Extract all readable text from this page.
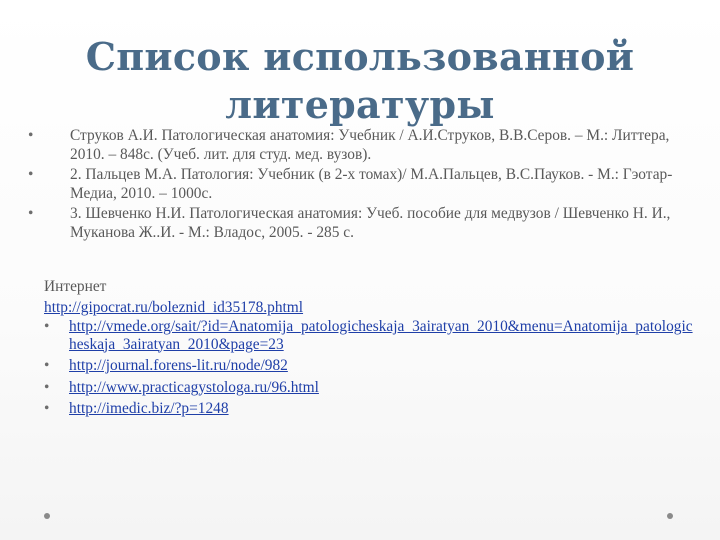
Список использованной
литературы
•	Струков А.И. Патологическая анатомия: Учебник / А.И.Струков, В.В.Серов. – М.: Литтера, 2010. – 848с. (Учеб. лит. для студ. мед. вузов).
•	2. Пальцев М.А. Патология: Учебник (в 2-х томах)/ М.А.Пальцев, В.С.Пауков. - М.: Гэотар-Медиа, 2010. – 1000с.
•	3. Шевченко Н.И. Патологическая анатомия: Учеб. пособие для медвузов / Шевченко Н. И., Муканова Ж..И. - М.: Владос, 2005. - 285 с.
Интернет
http://gipocrat.ru/boleznid_id35178.phtml
•	http://vmede.org/sait/?id=Anatomija_patologicheskaja_3airatyan_2010&menu=Anatomija_patologicheskaja_3airatyan_2010&page=23
•	http://journal.forens-lit.ru/node/982
•	http://www.practicagystologa.ru/96.html
•	http://imedic.biz/?p=1248
